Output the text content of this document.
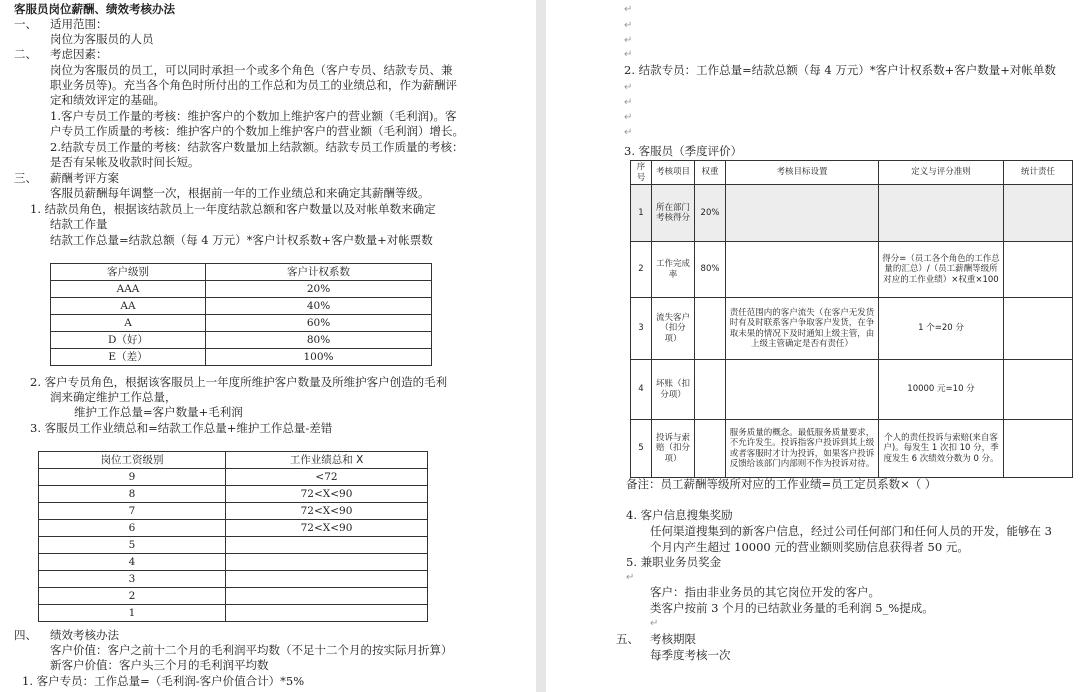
客服员岗位薪酬、绩效考核办法
一、 适用范围：
岗位为客服员的人员
二、 考虑因素：
岗位为客服员的员工，可以同时承担一个或多个角色（客户专员、结款专员、兼
职业务员等)。充当各个角色时所付出的工作总和为员工的业绩总和，作为薪酬评
定和绩效评定的基础。
1.客户专员工作量的考核：维护客户的个数加上维护客户的营业额（毛利润)。客
户专员工作质量的考核：维护客户的个数加上维护客户的营业额（毛利润）增长。
2.结款专员工作量的考核：结款客户数量加上结款额。结款专员工作质量的考核：
是否有呆帐及收款时间长短。
三、 薪酬考评方案
客服员薪酬每年调整一次，根据前一年的工作业绩总和来确定其薪酬等级。
1. 结款员角色，根据该结款员上一年度结款总额和客户数量以及对帐单数来确定
结款工作量
结款工作总量=结款总额（每 4 万元）*客户计权系数+客户数量+对帐票数
客户级别	客户计权系数
AAA	20%
AA	40%
A	60%
D（好）	80%
E（差）	100%
2. 客户专员角色，根据该客服员上一年度所维护客户数量及所维护客户创造的毛利
润来确定维护工作总量，
维护工作总量=客户数量+毛利润
3. 客服员工作业绩总和=结款工作总量+维护工作总量-差错
岗位工资级别	工作业绩总和 X
9	<72
8	72<X<90
7	72<X<90
6	72<X<90
5	
4	
3	
2	
1	
四、 绩效考核办法
客户价值：客户之前十二个月的毛利润平均数（不足十二个月的按实际月折算）
新客户价值：客户头三个月的毛利润平均数
1. 客户专员：工作总量=（毛利润-客户价值合计）*5%
↵
↵
↵
↵
2. 结款专员：工作总量=结款总额（每 4 万元）*客户计权系数+客户数量+对帐单数
↵
↵
↵
↵
3. 客服员（季度评价）
序号	考核项目	权重	考核目标设置	定义与评分准则	统计责任
1	所在部门考核得分	20%			
2	工作完成率	80%		得分=（员工各个角色的工作总量的汇总）/（员工薪酬等级所对应的工作业绩）×权重×100	
3	流失客户（扣分项）		责任范围内的客户流失（在客户无发货时有及时联系客户争取客户发货，在争取未果的情况下及时通知上级主管，由上级主管确定是否有责任）	1 个=20 分	
4	坏账（扣分项）			10000 元=10 分	
5	投诉与索赔（扣分项）		服务质量的概念。最低服务质量要求，不允许发生。投诉指客户投诉到其上级或者客服时才计为投诉，如果客户投诉反馈给该部门内部则不作为投诉对待。	个人的责任投诉与索赔(来自客户)。每发生 1 次扣 10 分，季度发生 6 次绩效分数为 0 分。	
备注：员工薪酬等级所对应的工作业绩=员工定员系数×（ ）
4. 客户信息搜集奖励
任何渠道搜集到的新客户信息，经过公司任何部门和任何人员的开发，能够在 3
个月内产生超过 10000 元的营业额则奖励信息获得者 50 元。
5. 兼职业务员奖金
↵
客户：指由非业务员的其它岗位开发的客户。
类客户按前 3 个月的已结款业务量的毛利润 5_%提成。
↵
五、 考核期限
每季度考核一次
